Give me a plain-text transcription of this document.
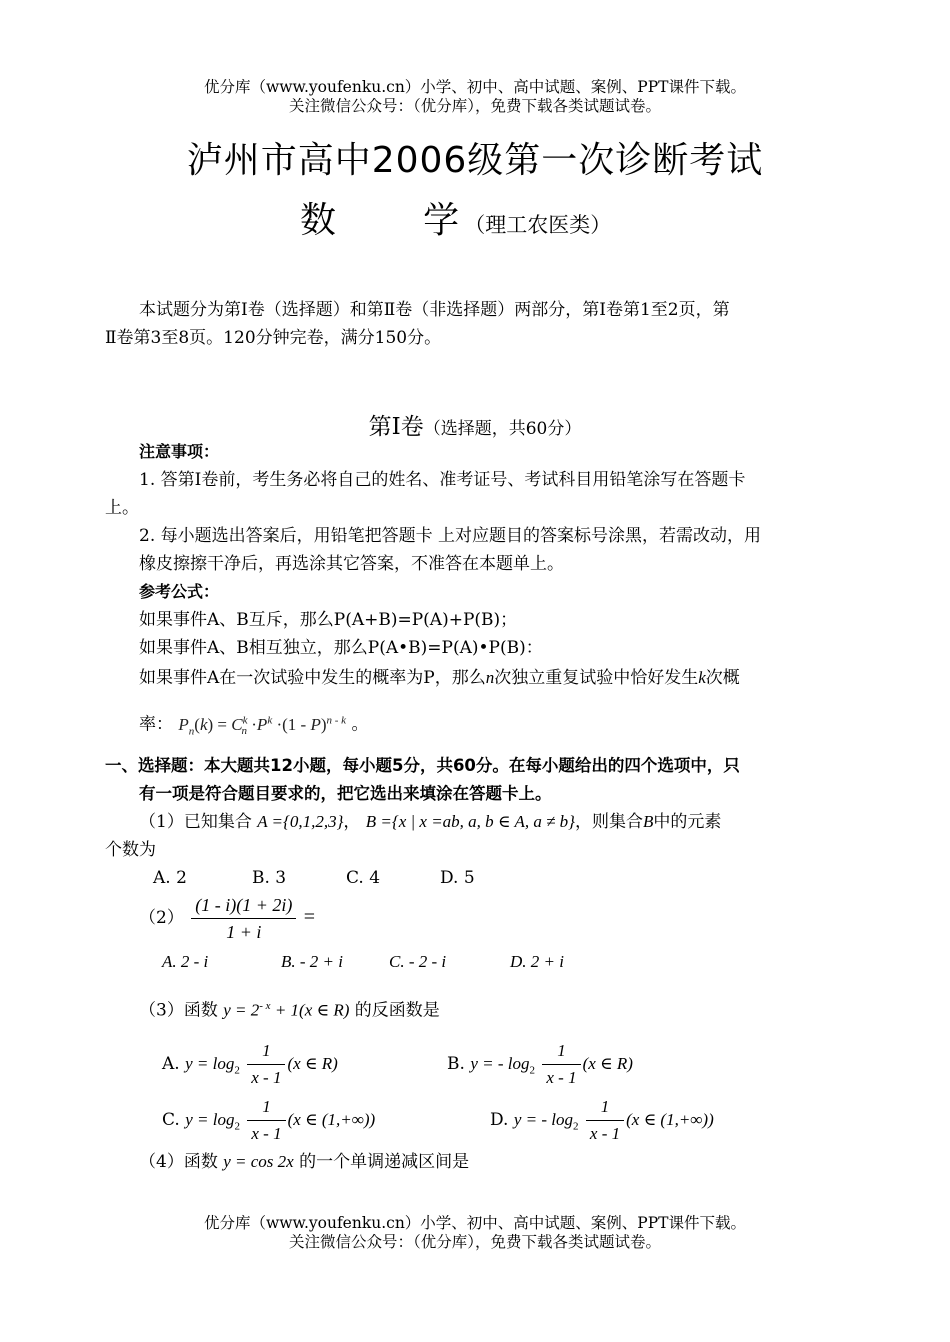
优分库（www.youfenku.cn）小学、初中、高中试题、案例、PPT课件下载。
关注微信公众号：（优分库），免费下载各类试题试卷。
泸州市高中2006级第一次诊断考试
数 学 （理工农医类）
本试题分为第Ⅰ卷（选择题）和第Ⅱ卷（非选择题）两部分，第Ⅰ卷第1至2页，第
Ⅱ卷第3至8页。120分钟完卷，满分150分。
第Ⅰ卷（选择题，共60分）
注意事项：
1. 答第Ⅰ卷前，考生务必将自己的姓名、准考证号、考试科目用铅笔涂写在答题卡
上。
2. 每小题选出答案后，用铅笔把答题卡 上对应题目的答案标号涂黑，若需改动，用
橡皮擦擦干净后，再选涂其它答案，不准答在本题单上。
参考公式：
如果事件A、B互斥，那么P(A+B)=P(A)+P(B)；
如果事件A、B相互独立，那么P(A•B)=P(A)•P(B)：
如果事件A在一次试验中发生的概率为P，那么n次独立重复试验中恰好发生k次概
率： $P_n(k) = C^k_n \cdot P^k \cdot(1 - P)^{n - k}$ 。
一、选择题：本大题共12小题，每小题5分，共60分。在每小题给出的四个选项中，只
有一项是符合题目要求的，把它选出来填涂在答题卡上。
（1）已知集合 A ={0,1,2,3}， B ={x | x =ab, a, b ∈ A, a ≠ b}，则集合B中的元素
个数为
A. 2	B. 3	C. 4	D. 5
$(2) \frac{(1 - i)(1 + 2i)}{1 + i}$ =
A. 2 - i	B. - 2 + i	C. - 2 - i	D. 2 + i
（3）函数 $y = 2^{- x} + 1(x$ ∈ R) 的反函数是
A. $y = \log_2 \frac{1}{x - 1} (x$ ∈ R)	B. y = - $\log_2 \frac{1}{x - 1} (x$ ∈ R)
C. $y = \log_2 \frac{1}{x - 1} (x$ ∈ (1,+∞))	D. y = - $\log_2 \frac{1}{x - 1} (x$ ∈ (1,+∞))
（4）函数 y = cos 2x 的一个单调递减区间是
优分库（www.youfenku.cn）小学、初中、高中试题、案例、PPT课件下载。
关注微信公众号：（优分库），免费下载各类试题试卷。
